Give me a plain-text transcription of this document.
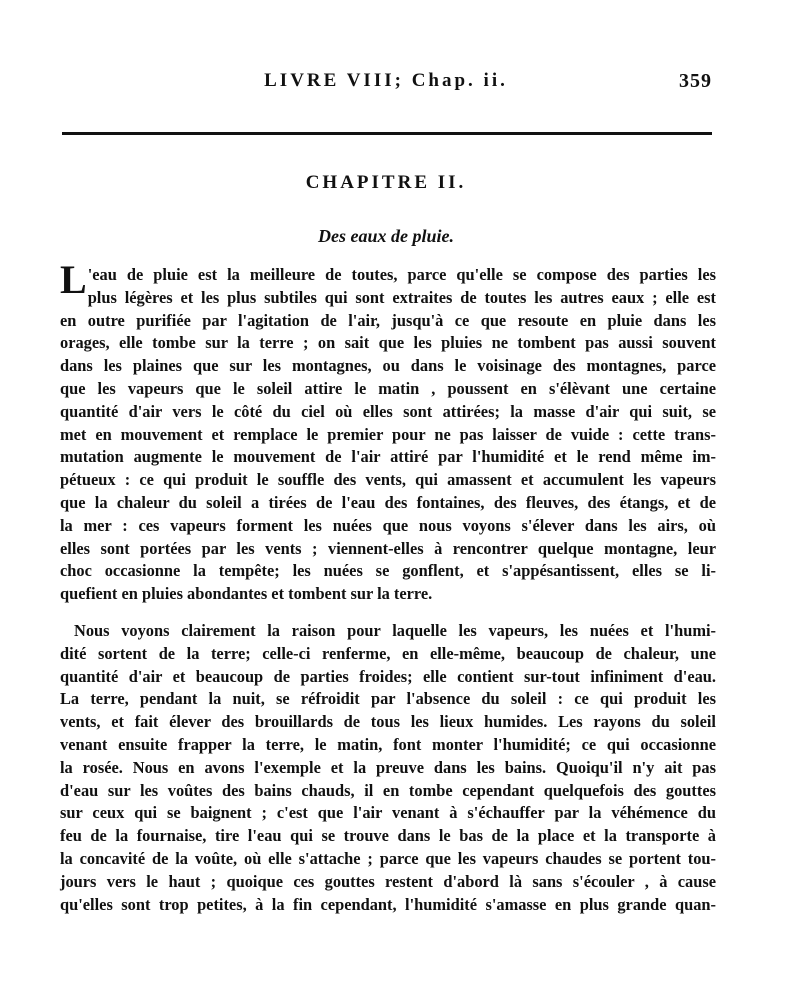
LIVRE VIII; Chap. ii.	359
CHAPITRE II.
Des eaux de pluie.
L 'eau de pluie est la meilleure de toutes, parce qu'elle se compose des parties les
plus légères et les plus subtiles qui sont extraites de toutes les autres eaux ; elle est
en outre purifiée par l'agitation de l'air, jusqu'à ce que resoute en pluie dans les
orages, elle tombe sur la terre ; on sait que les pluies ne tombent pas aussi souvent
dans les plaines que sur les montagnes, ou dans le voisinage des montagnes, parce
que les vapeurs que le soleil attire le matin , poussent en s'élèvant une certaine
quantité d'air vers le côté du ciel où elles sont attirées; la masse d'air qui suit, se
met en mouvement et remplace le premier pour ne pas laisser de vuide : cette trans-
mutation augmente le mouvement de l'air attiré par l'humidité et le rend même im-
pétueux : ce qui produit le souffle des vents, qui amassent et accumulent les vapeurs
que la chaleur du soleil a tirées de l'eau des fontaines, des fleuves, des étangs, et de
la mer : ces vapeurs forment les nuées que nous voyons s'élever dans les airs, où
elles sont portées par les vents ; viennent-elles à rencontrer quelque montagne, leur
choc occasionne la tempête; les nuées se gonflent, et s'appésantissent, elles se li-
quefient en pluies abondantes et tombent sur la terre.
Nous voyons clairement la raison pour laquelle les vapeurs, les nuées et l'humi-
dité sortent de la terre; celle-ci renferme, en elle-même, beaucoup de chaleur, une
quantité d'air et beaucoup de parties froides; elle contient sur-tout infiniment d'eau.
La terre, pendant la nuit, se réfroidit par l'absence du soleil : ce qui produit les
vents, et fait élever des brouillards de tous les lieux humides. Les rayons du soleil
venant ensuite frapper la terre, le matin, font monter l'humidité; ce qui occasionne
la rosée. Nous en avons l'exemple et la preuve dans les bains. Quoiqu'il n'y ait pas
d'eau sur les voûtes des bains chauds, il en tombe cependant quelquefois des gouttes
sur ceux qui se baignent ; c'est que l'air venant à s'échauffer par la véhémence du
feu de la fournaise, tire l'eau qui se trouve dans le bas de la place et la transporte à
la concavité de la voûte, où elle s'attache ; parce que les vapeurs chaudes se portent tou-
jours vers le haut ; quoique ces gouttes restent d'abord là sans s'écouler , à cause
qu'elles sont trop petites, à la fin cependant, l'humidité s'amasse en plus grande quan-
